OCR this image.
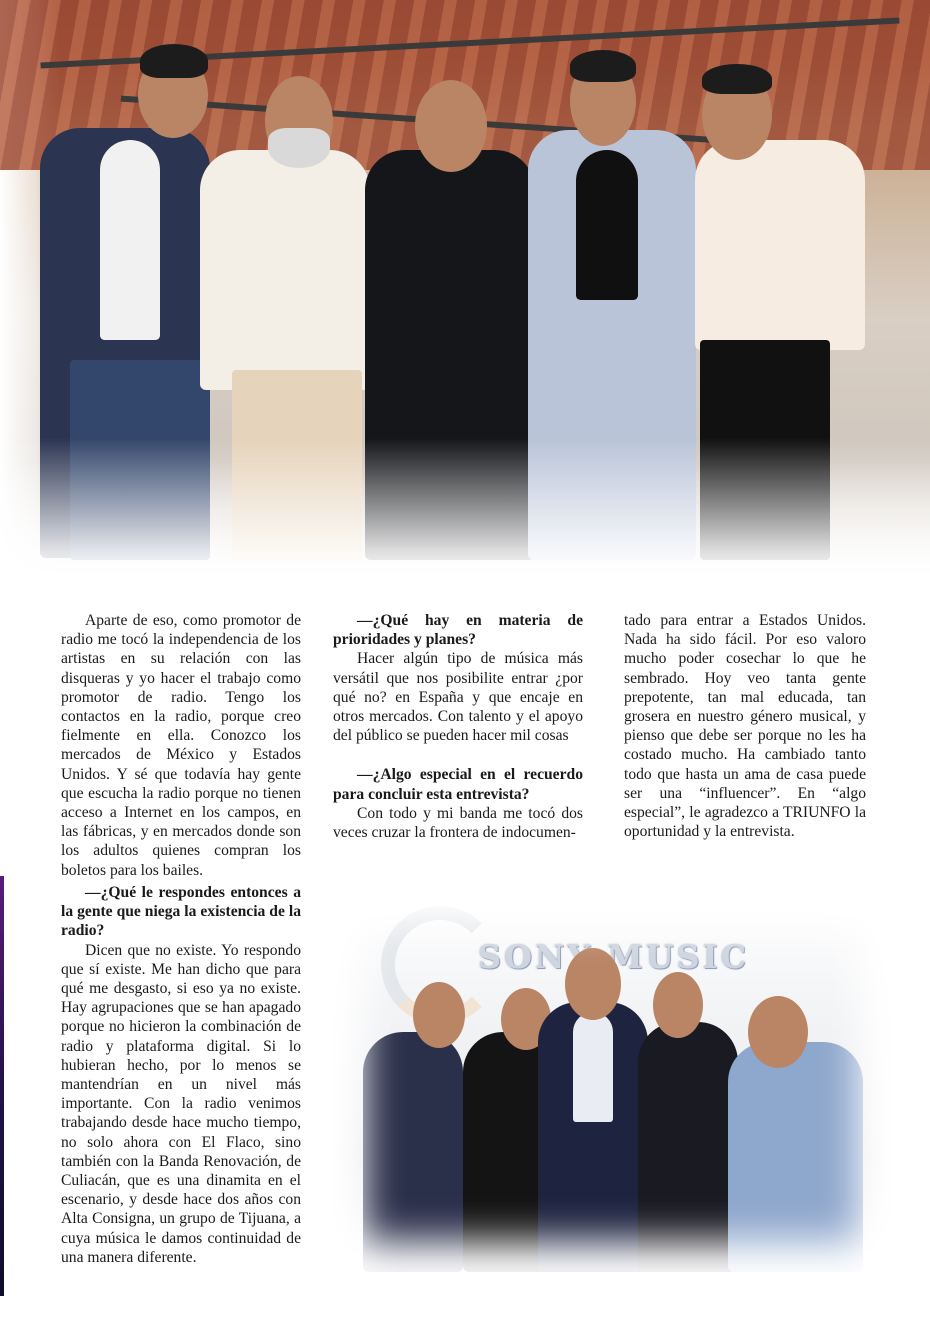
Aparte de eso, como promotor de radio me tocó la independencia de los artistas en su relación con las disqueras y yo hacer el trabajo como promotor de radio. Tengo los contactos en la radio, porque creo fielmente en ella. Conozco los mercados de México y Estados Unidos. Y sé que todavía hay gente que escucha la radio porque no tienen acceso a Internet en los campos, en las fábricas, y en mercados donde son los adultos quienes compran los boletos para los bailes.

—¿Qué le respondes entonces a la gente que niega la existencia de la radio?

Dicen que no existe. Yo respondo que sí existe. Me han dicho que para qué me desgasto, si eso ya no existe. Hay agrupaciones que se han apagado porque no hicieron la combinación de radio y plataforma digital. Si lo hubieran hecho, por lo menos se mantendrían en un nivel más importante. Con la radio venimos trabajando desde hace mucho tiempo, no solo ahora con El Flaco, sino también con la Banda Renovación, de Culiacán, que es una dinamita en el escenario, y desde hace dos años con Alta Consigna, un grupo de Tijuana, a cuya música le damos continuidad de una manera diferente.

—¿Qué hay en materia de prioridades y planes?

Hacer algún tipo de música más versátil que nos posibilite entrar ¿por qué no? en España y que encaje en otros mercados. Con talento y el apoyo del público se pueden hacer mil cosas

—¿Algo especial en el recuerdo para concluir esta entrevista?

Con todo y mi banda me tocó dos veces cruzar la frontera de indocumen-

tado para entrar a Estados Unidos. Nada ha sido fácil. Por eso valoro mucho poder cosechar lo que he sembrado. Hoy veo tanta gente prepotente, tan mal educada, tan grosera en nuestro género musical, y pienso que debe ser porque no les ha costado mucho. Ha cambiado tanto todo que hasta un ama de casa puede ser una “influencer”. En “algo especial”, le agradezco a TRIUNFO la oportunidad y la entrevista.

SONY MUSIC
